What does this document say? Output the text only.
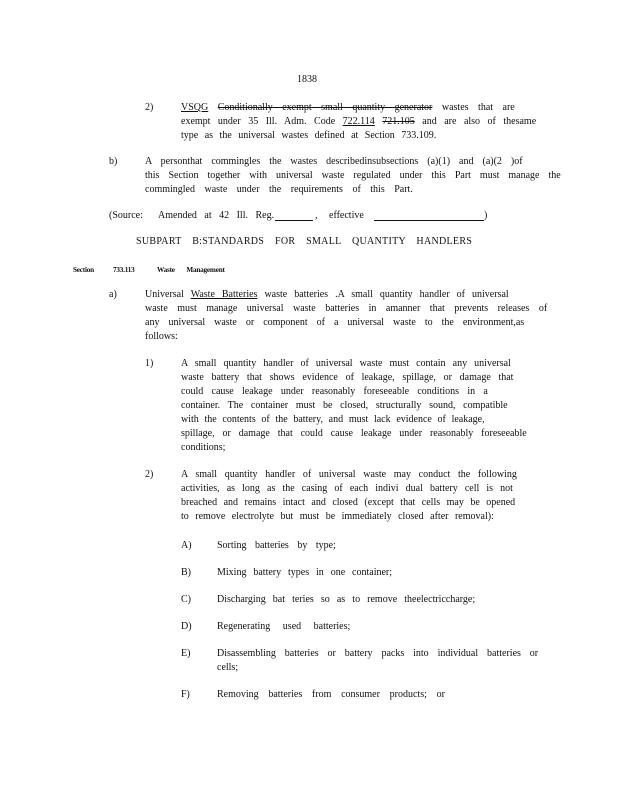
1838
2)	VSQG Conditionally exempt small quantity generator wastes that are
exempt under 35 Ill. Adm. Code 722.114 721.105 and are also of thesame
type as the universal wastes defined at Section 733.109.
b)	A personthat commingles the wastes describedinsubsections (a)(1) and (a)(2 )of
this Section together with universal waste regulated under this Part must manage the
commingled waste under the requirements of this Part.
(Source: Amended at 42 Ill. Reg.	, effective	)
SUBPART B:STANDARDS FOR SMALL QUANTITY HANDLERS
Section	733.113	Waste Management
a)	Universal Waste Batteries waste batteries .A small quantity handler of universal
waste must manage universal waste batteries in amanner that prevents releases of
any universal waste or component of a universal waste to the environment,as
follows:
1)	A small quantity handler of universal waste must contain any universal
waste battery that shows evidence of leakage, spillage, or damage that
could cause leakage under reasonably foreseeable conditions in a
container. The container must be closed, structurally sound, compatible
with the contents of the battery, and must lack evidence of leakage,
spillage, or damage that could cause leakage under reasonably foreseeable
conditions;
2)	A small quantity handler of universal waste may conduct the following
activities, as long as the casing of each indivi dual battery cell is not
breached and remains intact and closed (except that cells may be opened
to remove electrolyte but must be immediately closed after removal):
A)	Sorting batteries by type;
B)	Mixing battery types in one container;
C)	Discharging bat teries so as to remove theelectriccharge;
D)	Regenerating used batteries;
E)	Disassembling batteries or battery packs into individual batteries or
cells;
F)	Removing batteries from consumer products; or
